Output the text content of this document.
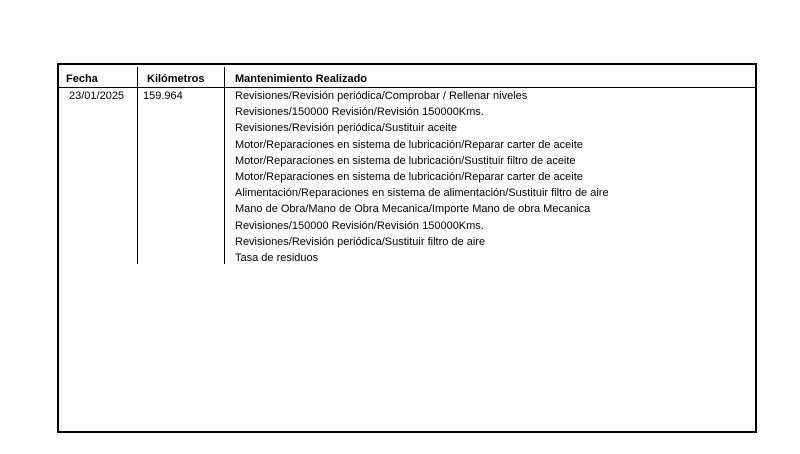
Fecha	Kilómetros	Mantenimiento Realizado
23/01/2025 159.964	Revisiones/Revisión periódica/Comprobar / Rellenar niveles
Revisiones/150000 Revisión/Revisión 150000Kms.
Revisiones/Revisión periódica/Sustituir aceite
Motor/Reparaciones en sistema de lubricación/Reparar carter de aceite
Motor/Reparaciones en sistema de lubricación/Sustituir filtro de aceite
Motor/Reparaciones en sistema de lubricación/Reparar carter de aceite
Alimentación/Reparaciones en sistema de alimentación/Sustituir filtro de aire
Mano de Obra/Mano de Obra Mecanica/Importe Mano de obra Mecanica
Revisiones/150000 Revisión/Revisión 150000Kms.
Revisiones/Revisión periódica/Sustituir filtro de aire
Tasa de residuos
